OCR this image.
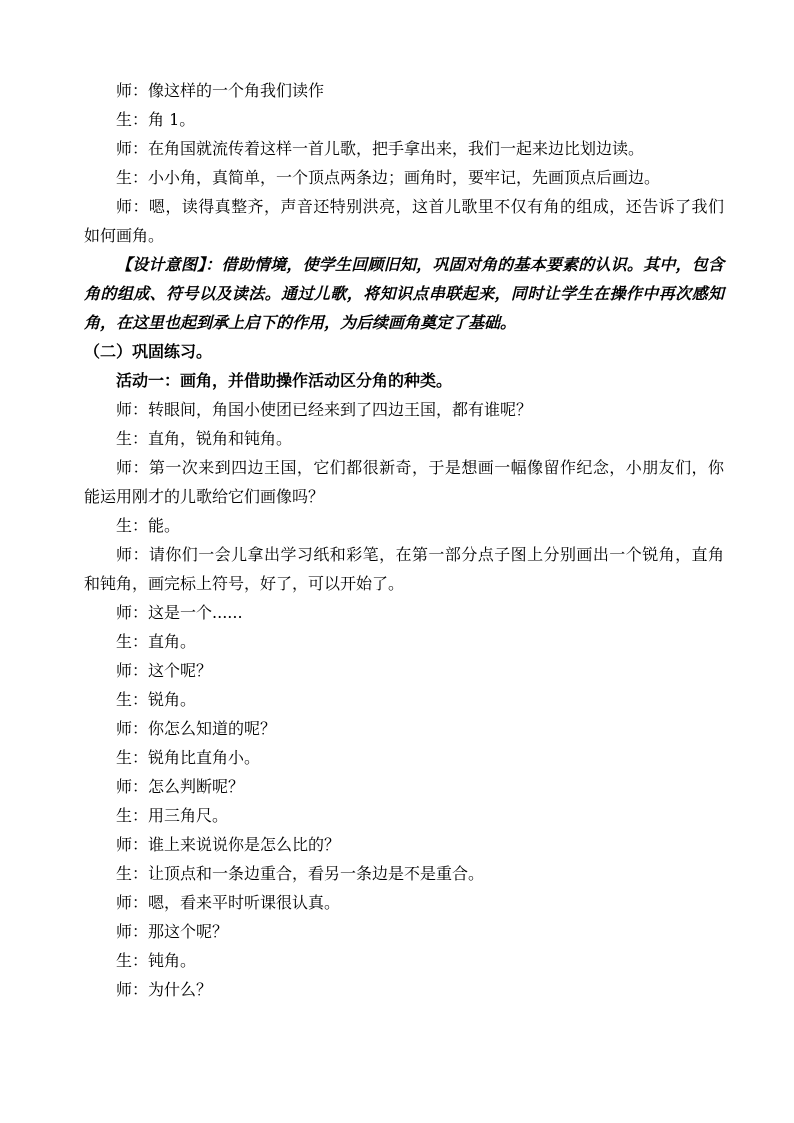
师：像这样的一个角我们读作
生：角 1。
师：在角国就流传着这样一首儿歌，把手拿出来，我们一起来边比划边读。
生：小小角，真简单，一个顶点两条边；画角时，要牢记，先画顶点后画边。
师：嗯，读得真整齐，声音还特别洪亮，这首儿歌里不仅有角的组成，还告诉了我们如何画角。
【设计意图】：借助情境，使学生回顾旧知，巩固对角的基本要素的认识。其中，包含角的组成、符号以及读法。通过儿歌，将知识点串联起来，同时让学生在操作中再次感知角，在这里也起到承上启下的作用，为后续画角奠定了基础。
（二）巩固练习。
活动一：画角，并借助操作活动区分角的种类。
师：转眼间，角国小使团已经来到了四边王国，都有谁呢？
生：直角，锐角和钝角。
师：第一次来到四边王国，它们都很新奇，于是想画一幅像留作纪念，小朋友们，你能运用刚才的儿歌给它们画像吗？
生：能。
师：请你们一会儿拿出学习纸和彩笔，在第一部分点子图上分别画出一个锐角，直角和钝角，画完标上符号，好了，可以开始了。
师：这是一个......
生：直角。
师：这个呢？
生：锐角。
师：你怎么知道的呢？
生：锐角比直角小。
师：怎么判断呢？
生：用三角尺。
师：谁上来说说你是怎么比的？
生：让顶点和一条边重合，看另一条边是不是重合。
师：嗯，看来平时听课很认真。
师：那这个呢？
生：钝角。
师：为什么？
